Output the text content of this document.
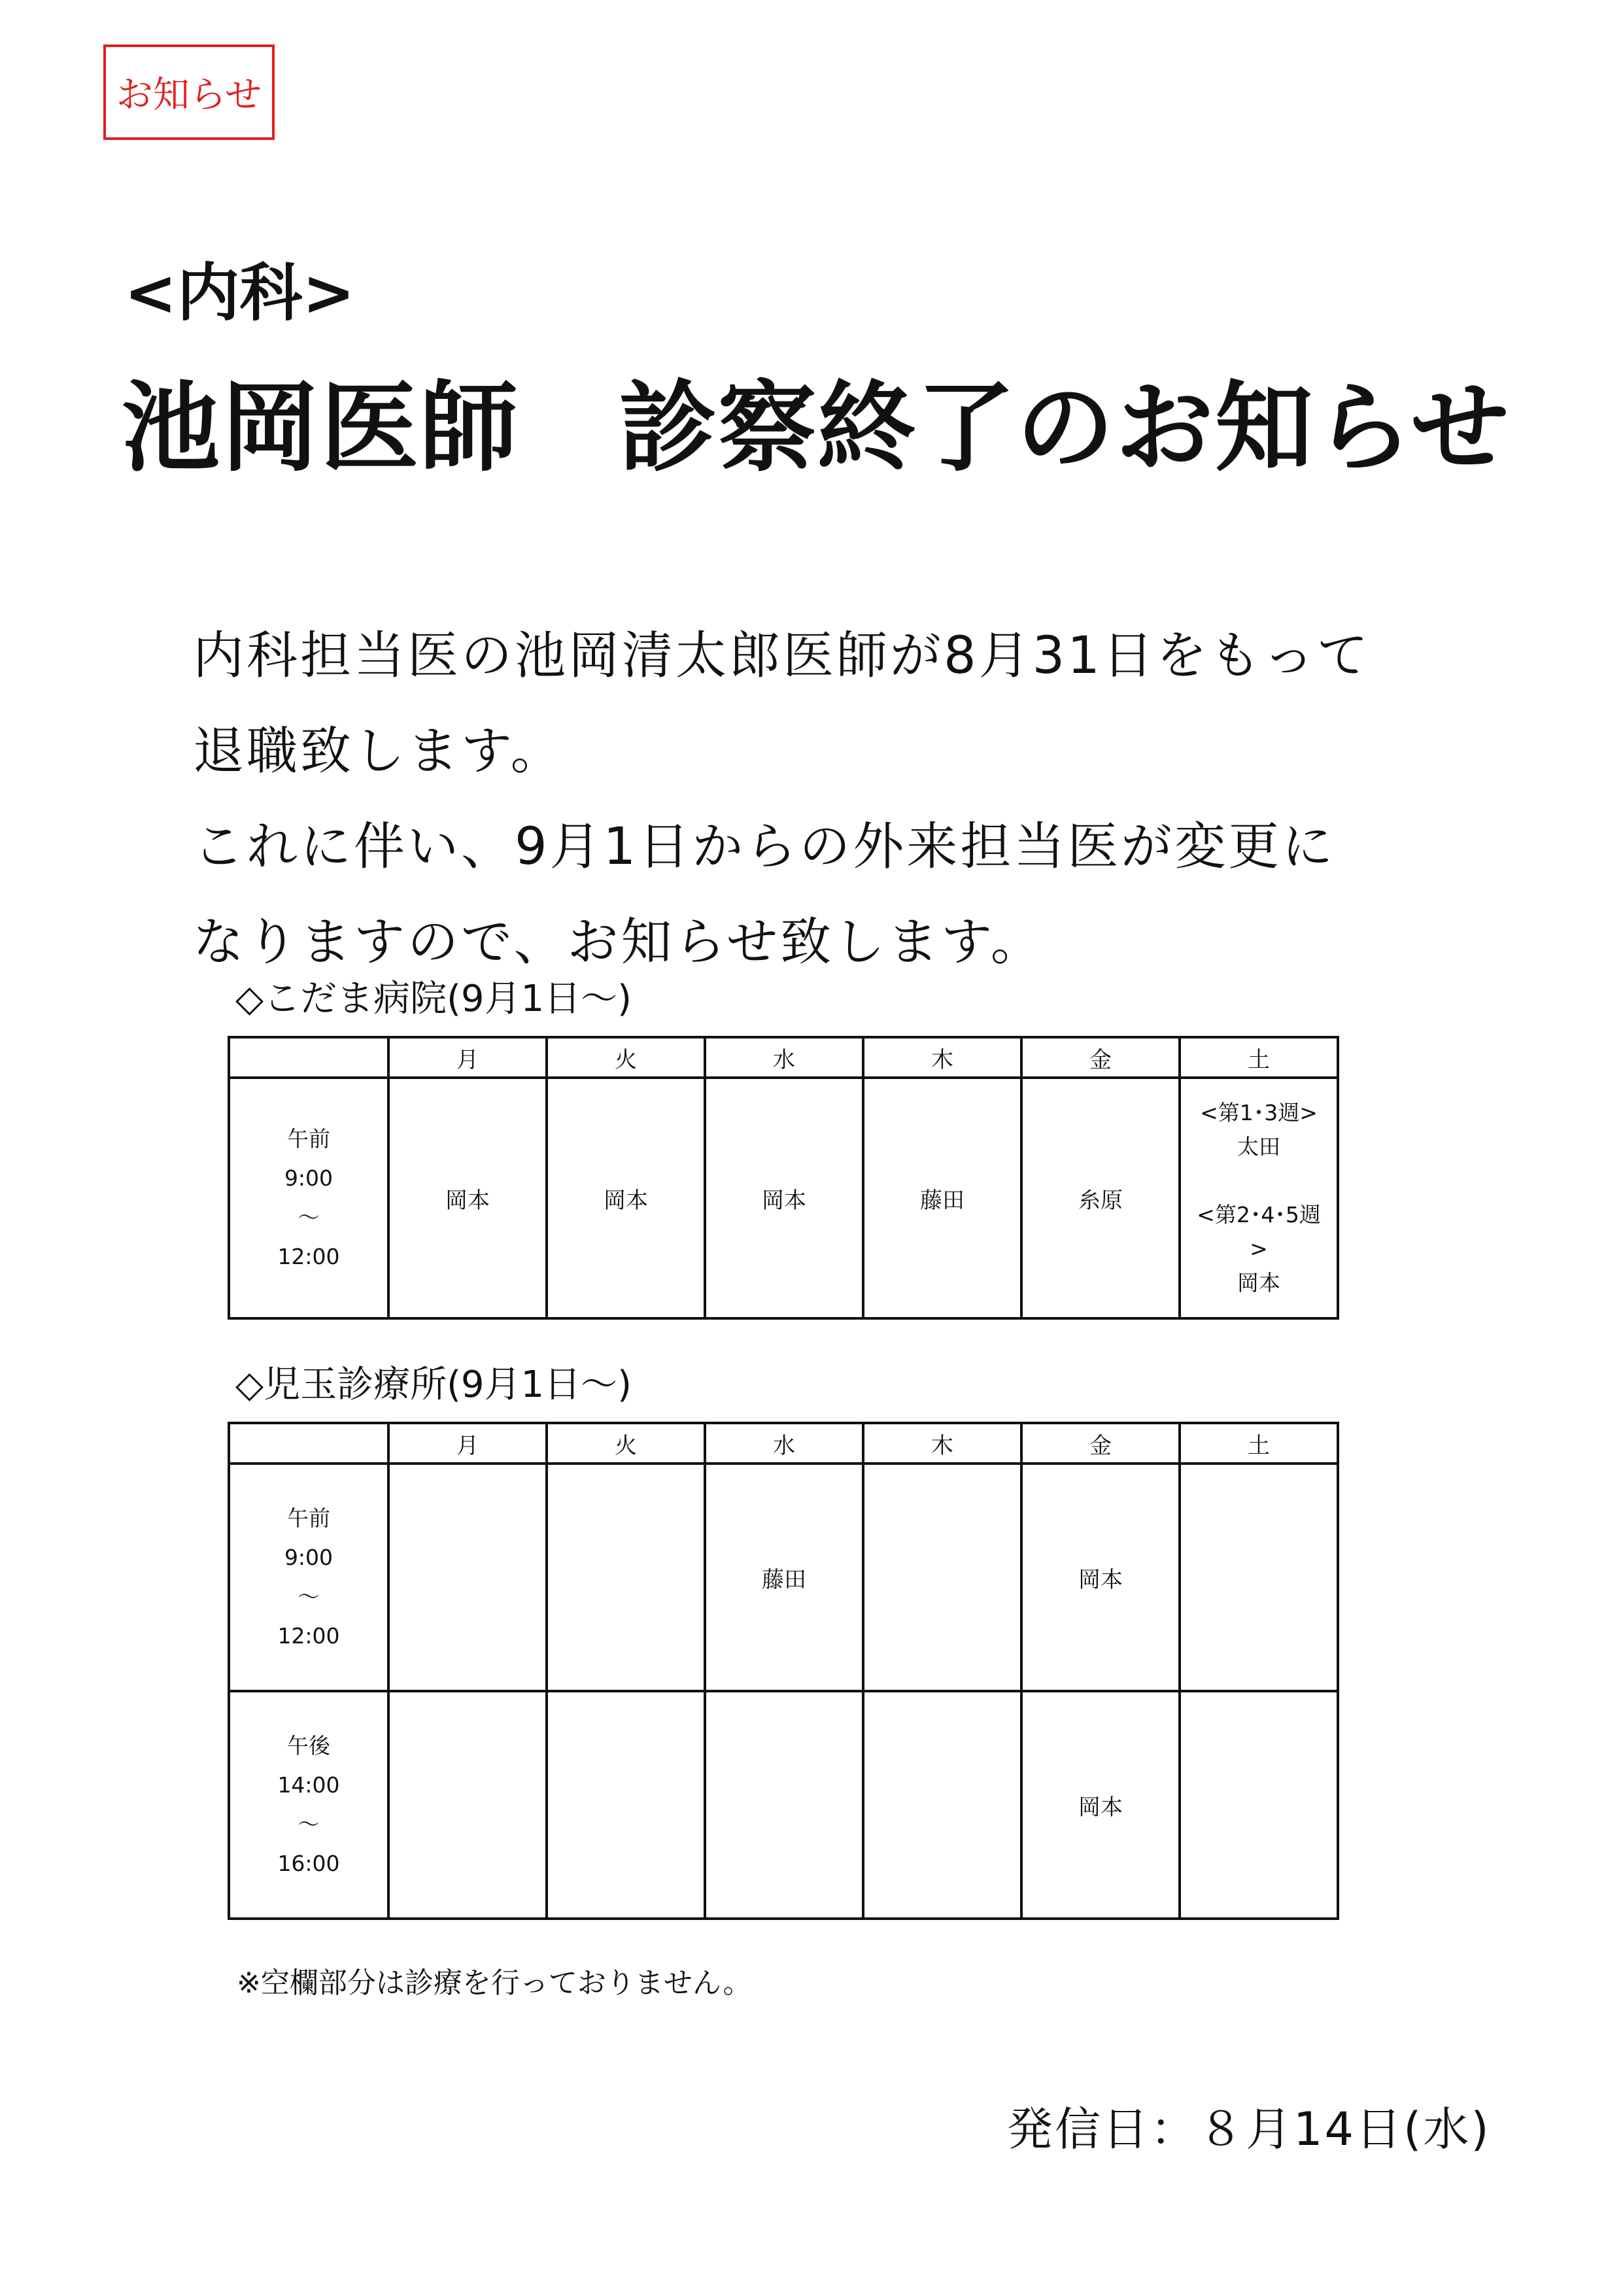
お知らせ
<内科>
池岡医師　診察終了のお知らせ

内科担当医の池岡清太郎医師が8月31日をもって

退職致します。

これに伴い、9月1日からの外来担当医が変更に

なりますので、お知らせ致します。

◇こだま病院(9月1日～)
	月	火	水	木	金	土

午前
9:00
～
12:00	岡本	岡本	岡本	藤田	糸原	<第1･3週>
太田
<第2･4･5週
>
岡本
◇児玉診療所(9月1日～)
	月	火	水	木	金	土

午前
9:00
～
12:00			藤田		岡本	

午後
14:00
～
16:00					岡本	
※空欄部分は診療を行っておりません。
発信日：８月14日(水)
